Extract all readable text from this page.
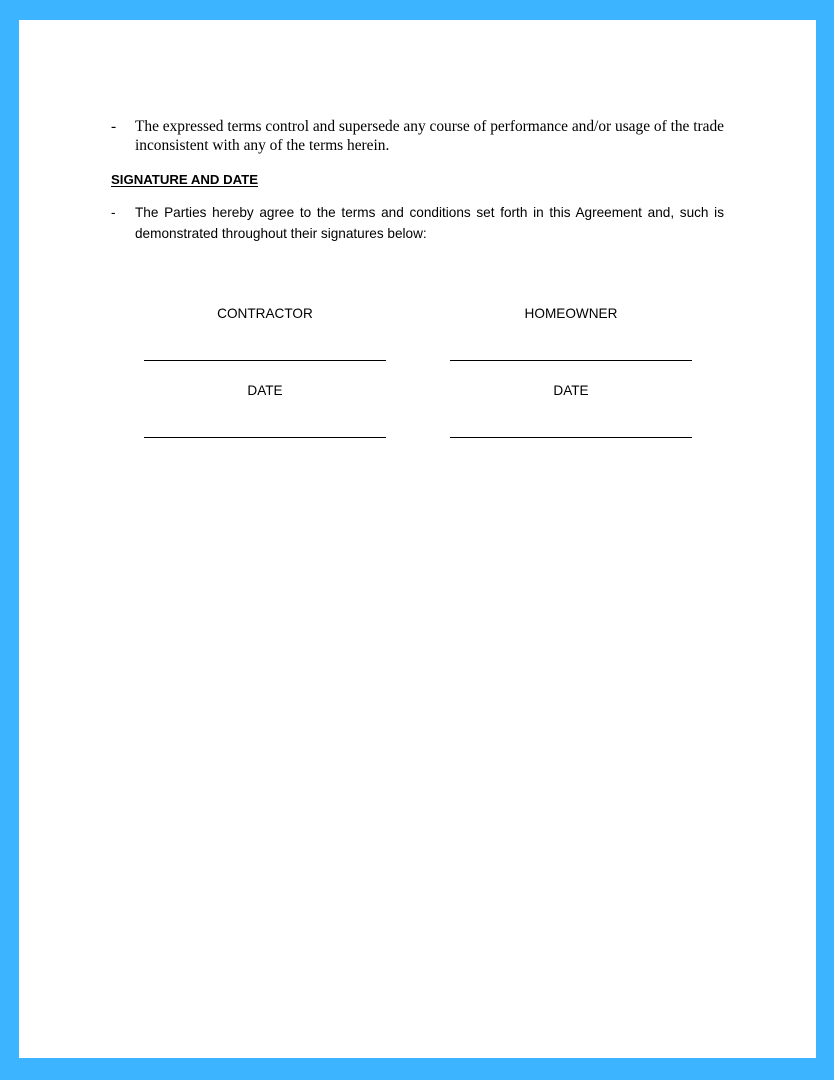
-	The expressed terms control and supersede any course of performance and/or usage of the trade inconsistent with any of the terms herein.
SIGNATURE AND DATE
-	The Parties hereby agree to the terms and conditions set forth in this Agreement and, such is demonstrated throughout their signatures below:
CONTRACTOR	HOMEOWNER
DATE	DATE
